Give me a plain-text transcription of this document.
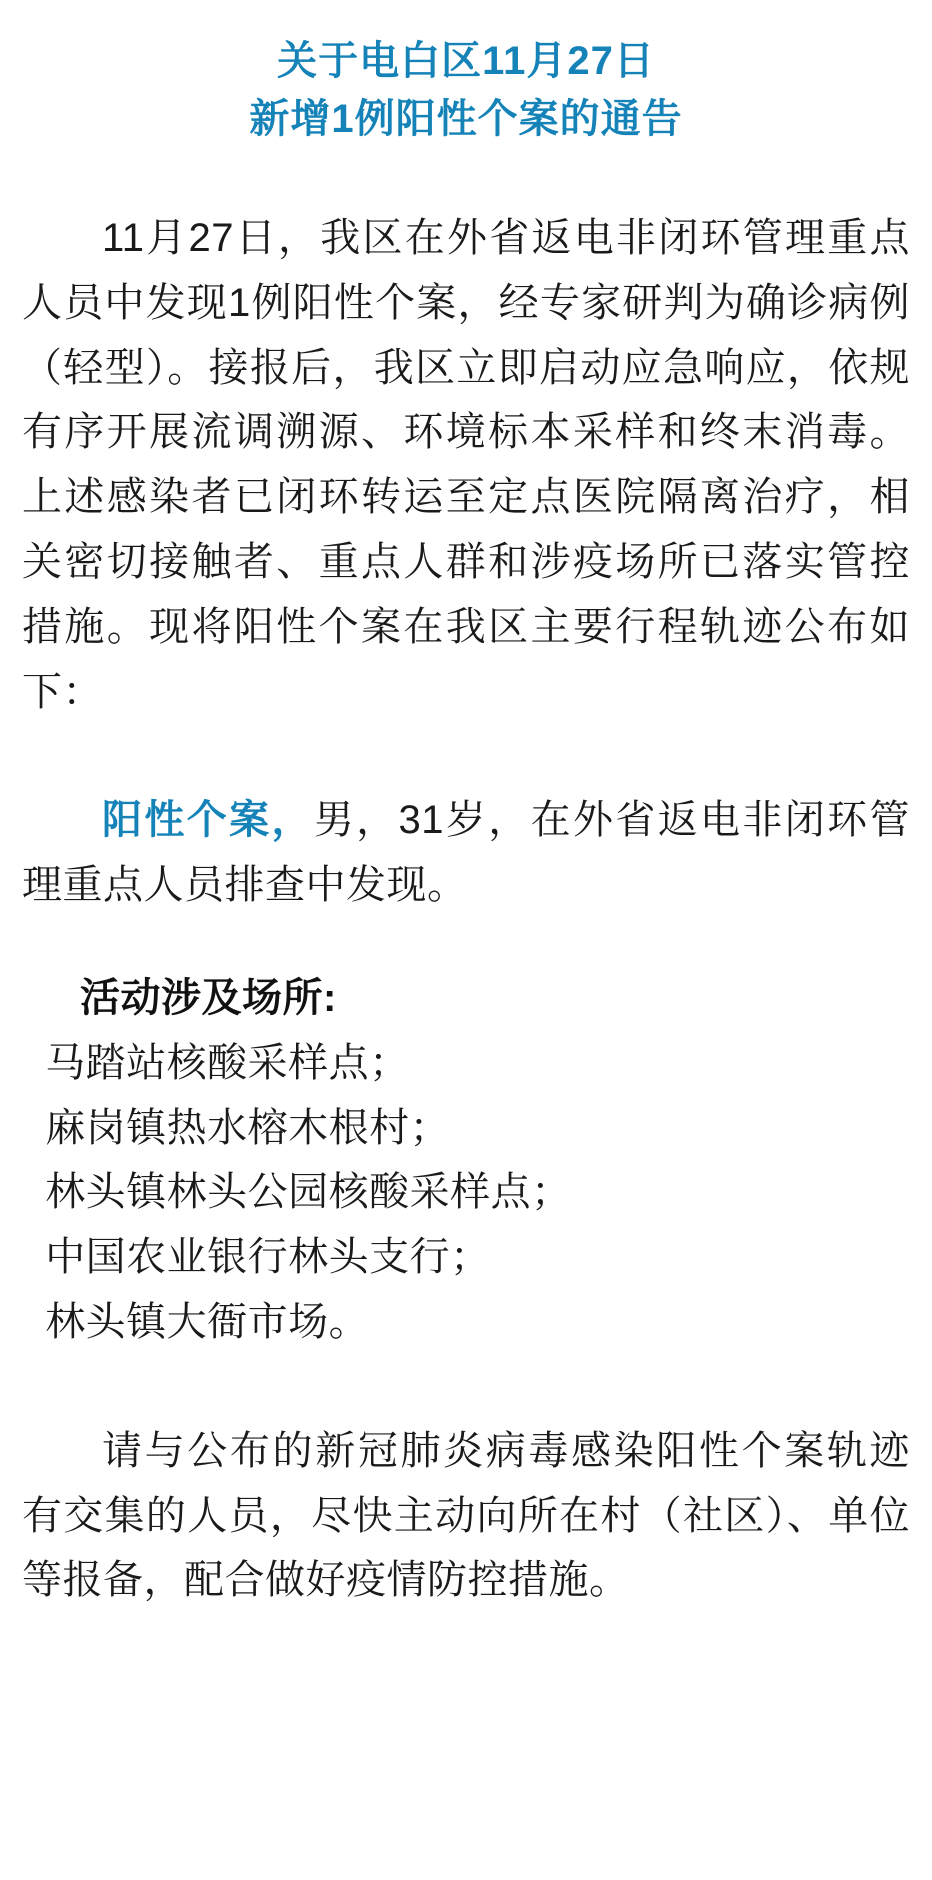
关于电白区11月27日
新增1例阳性个案的通告

11月27日，我区在外省返电非闭环管理重点人员中发现1例阳性个案，经专家研判为确诊病例（轻型）。接报后，我区立即启动应急响应，依规有序开展流调溯源、环境标本采样和终末消毒。上述感染者已闭环转运至定点医院隔离治疗，相关密切接触者、重点人群和涉疫场所已落实管控措施。现将阳性个案在我区主要行程轨迹公布如下：

阳性个案，男，31岁，在外省返电非闭环管理重点人员排查中发现。

活动涉及场所:
马踏站核酸采样点；
麻岗镇热水榕木根村；
林头镇林头公园核酸采样点；
中国农业银行林头支行；
林头镇大衙市场。

请与公布的新冠肺炎病毒感染阳性个案轨迹有交集的人员，尽快主动向所在村（社区）、单位等报备，配合做好疫情防控措施。
